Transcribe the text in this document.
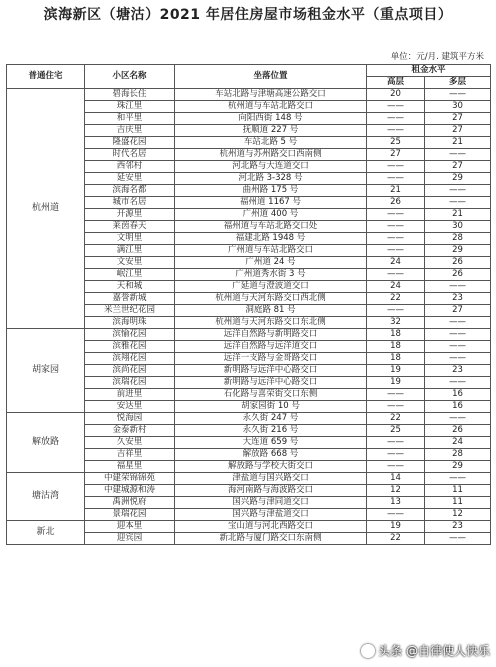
滨海新区（塘沽）2021 年居住房屋市场租金水平（重点项目）
单位：元/月. 建筑平方米
普通住宅	小区名称	坐落位置	租金水平	
			高层	多层
杭州道	碧海长住	车站北路与津塘高速公路交口	20	——
	珠江里	杭州道与车站北路交口	——	30
	和平里	向阳西街 148 号	——	27
	吉庆里	抚顺道 227 号	——	27
	隆盛花园	车站北路 5 号	25	21
	时代名居	杭州道与苏州路交口西南侧	27	——
	西邻村	河北路与大连道交口	——	27
	延安里	河北路 3-328 号	——	29
	滨海名都	曲州路 175 号	21	——
	城市名居	福州道 1167 号	26	——
	开源里	广州道 400 号	——	21
	莱茵春天	福州道与车站北路交口处	——	30
	文明里	福建北路 1948 号	——	28
	满江里	广州道与车站北路交口	——	29
	文安里	广州道 24 号	24	26
	岷江里	广州道秀水街 3 号	——	26
	天和城	广延道与澄波道交口	24	——
	嘉誉新城	杭州道与天河东路交口西北侧	22	23
	米兰世纪花园	洞庭路 81 号	——	27
	滨海明珠	杭州道与天河东路交口东北侧	32	——
胡家园	滨愉花园	远洋自然路与新明路交口	18	——
	滨雅花园	远洋自然路与远洋道交口	18	——
	滨翔花园	远洋一支路与金哥路交口	18	——
	滨尚花园	新明路与远洋中心路交口	19	23
	滨瑞花园	新明路与远洋中心路交口	19	——
	前进里	石化路与喜荣街交口东侧	——	16
	安达里	胡家园街 10 号	——	16
解放路	悦海园	永久街 247 号	22	——
	金泰新村	永久街 216 号	25	26
	久安里	大连道 659 号	——	24
	吉祥里	解放路 668 号	——	28
	福星里	解放路与学校大街交口	——	29
塘沽湾	中建荣锦锦苑	津盐道与国兴路交口	14	——
	中建城源和涛	海河南路与海波路交口	12	11
	禹洲悦府	国兴路与津同道交口	13	11
	景瑞花园	国兴路与津盐道交口	——	12
新北	迎本里	宝山道与河北西路交口	19	23
	迎宾园	新北路与厦门路交口东南侧	22	——
头条 @自律使人快乐
